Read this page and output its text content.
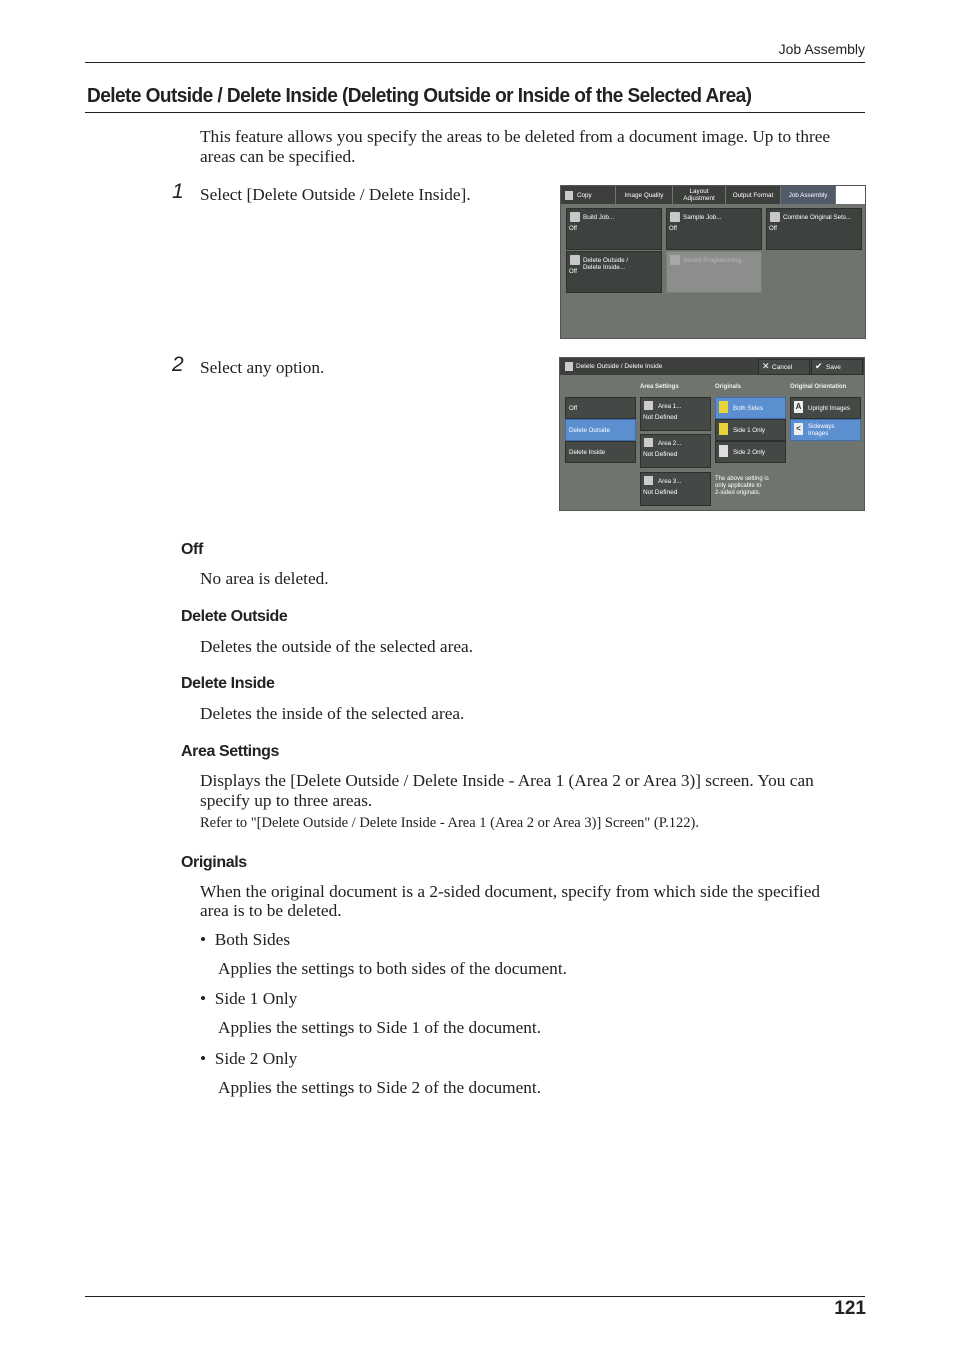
Job Assembly
Delete Outside / Delete Inside (Deleting Outside or Inside of the Selected Area)
This feature allows you specify the areas to be deleted from a document image. Up to three
areas can be specified.
1 Select [Delete Outside / Delete Inside].	Copy	Image Quality	Layout Adjustment	Output Format Job Assembly
Build Job...
Off
Sample Job...
Off
Combine Original Sets...
Off
Delete Outside / Delete Inside...
Off
Stored Programming...
2 Select any option.	Delete Outside / Delete Inside	✕ Cancel	✔ Save
Area Settings	Originals	Original Orientation
Off
Delete Outside
Delete Inside
Area 1...
Not Defined
Area 2...
Not Defined
Area 3...
Not Defined
Both Sides
Side 1 Only
Side 2 Only
The above setting is
only applicable to
2-sided originals.
A Upright Images
<	Sideways Images
Off
No area is deleted.
Delete Outside
Deletes the outside of the selected area.
Delete Inside
Deletes the inside of the selected area.
Area Settings
Displays the [Delete Outside / Delete Inside - Area 1 (Area 2 or Area 3)] screen. You can
specify up to three areas.
Refer to "[Delete Outside / Delete Inside - Area 1 (Area 2 or Area 3)] Screen" (P.122).
Originals
When the original document is a 2-sided document, specify from which side the specified
area is to be deleted.
•  Both Sides
Applies the settings to both sides of the document.
•  Side 1 Only
Applies the settings to Side 1 of the document.
•  Side 2 Only
Applies the settings to Side 2 of the document.
121
